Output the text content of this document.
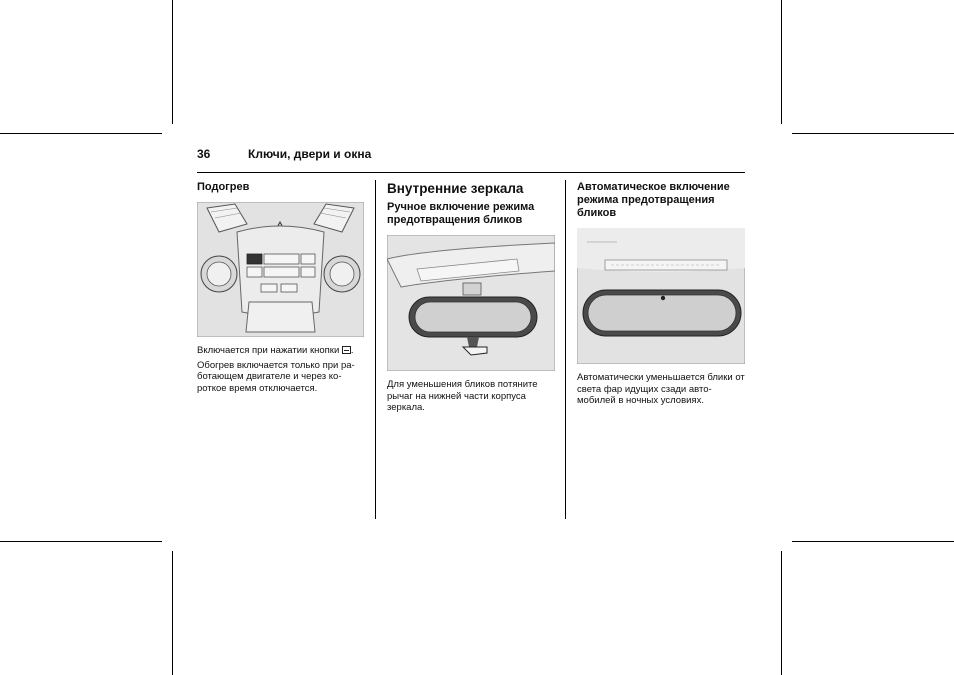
36	Ключи, двери и окна

Подогрев

Включается при нажатии кнопки .

Обогрев включается только при ра-ботающем двигателе и через ко-роткое время отключается.

Внутренние зеркала

Ручное включение режима предотвращения бликов

Для уменьшения бликов потяните рычаг на нижней части корпуса зеркала.

Автоматическое включение режима предотвращения бликов

Автоматически уменьшается блики от света фар идущих сзади авто-мобилей в ночных условиях.
